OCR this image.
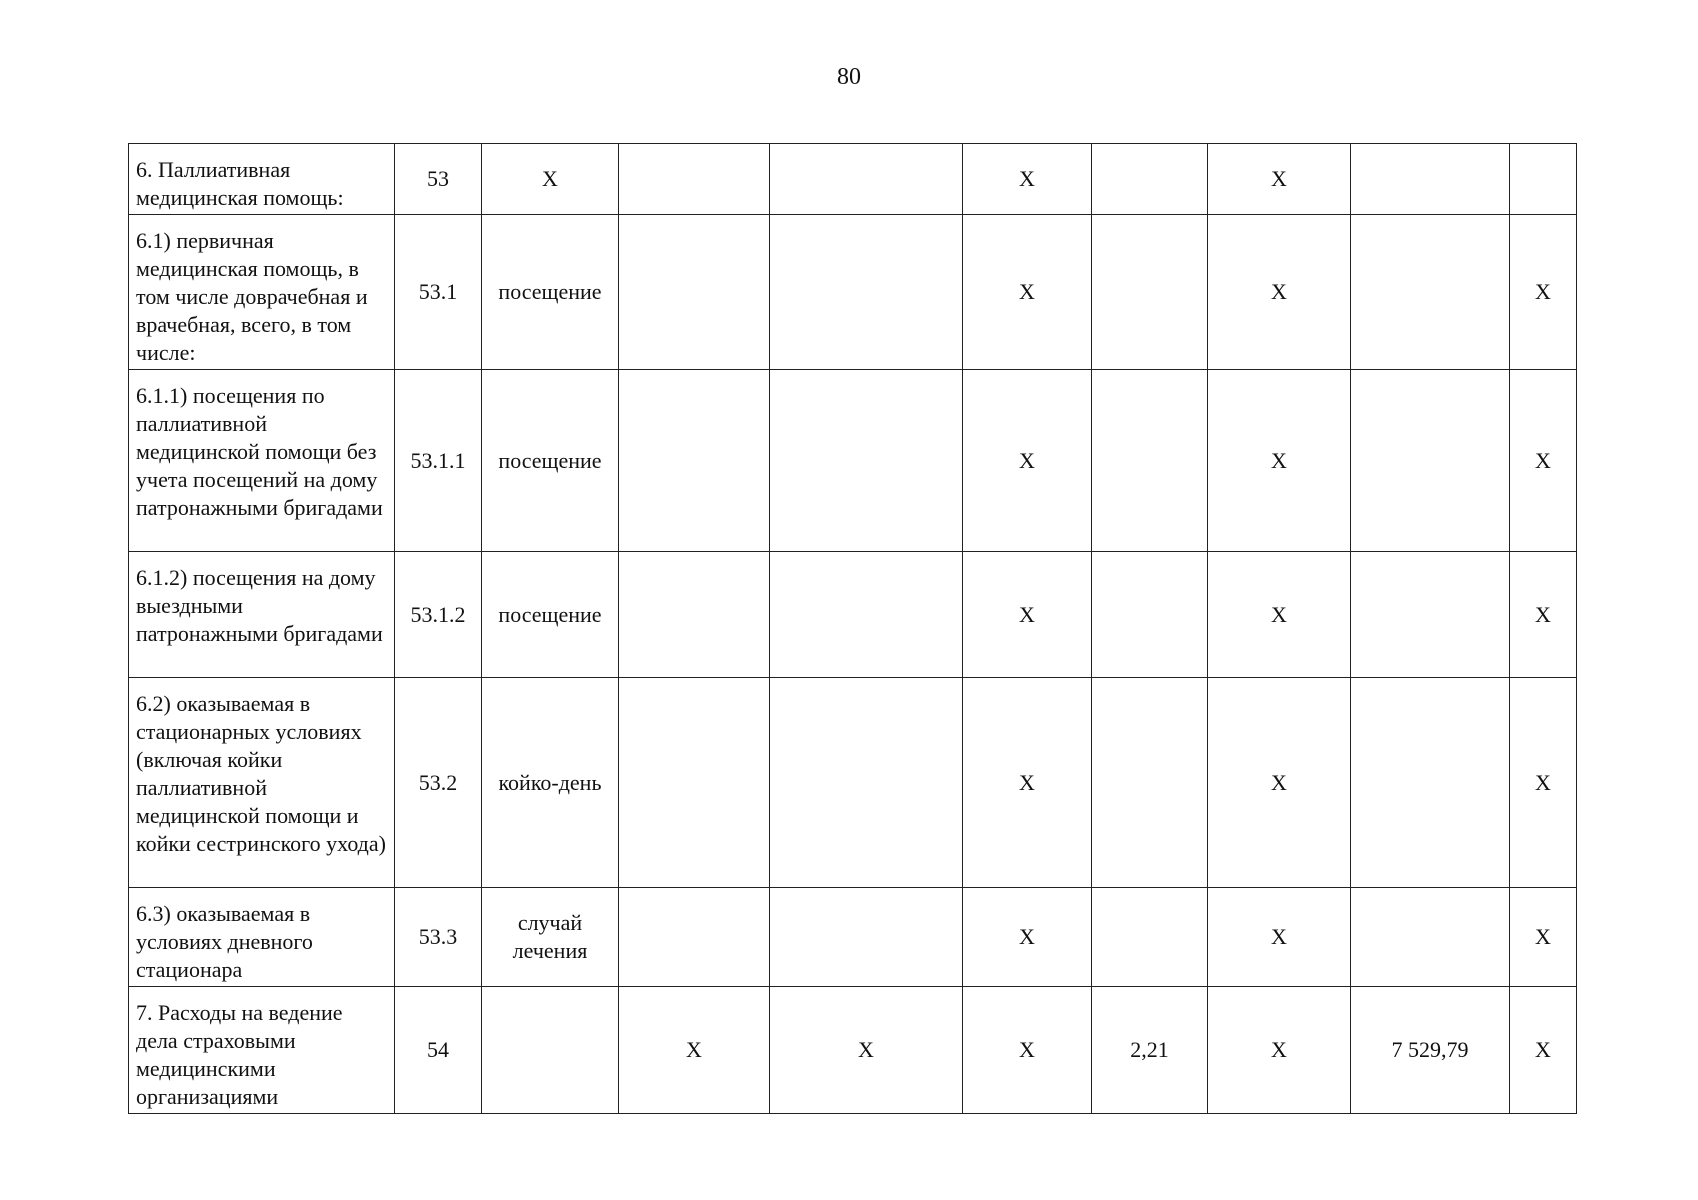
80
6. Паллиативная медицинская помощь:	53	X			X		X		
6.1) первичная медицинская помощь, в том числе доврачебная и врачебная, всего, в том числе:	53.1	посещение			X		X		X
6.1.1) посещения по паллиативной медицинской помощи без учета посещений на дому патронажными бригадами	53.1.1	посещение			X		X		X
6.1.2) посещения на дому выездными патронажными бригадами	53.1.2	посещение			X		X		X
6.2) оказываемая в стационарных условиях (включая койки паллиативной медицинской помощи и койки сестринского ухода)	53.2	койко-день			X		X		X
6.3) оказываемая в условиях дневного стационара	53.3	случай лечения			X		X		X
7. Расходы на ведение дела страховыми медицинскими организациями	54		X	X	X	2,21	X	7 529,79	X
